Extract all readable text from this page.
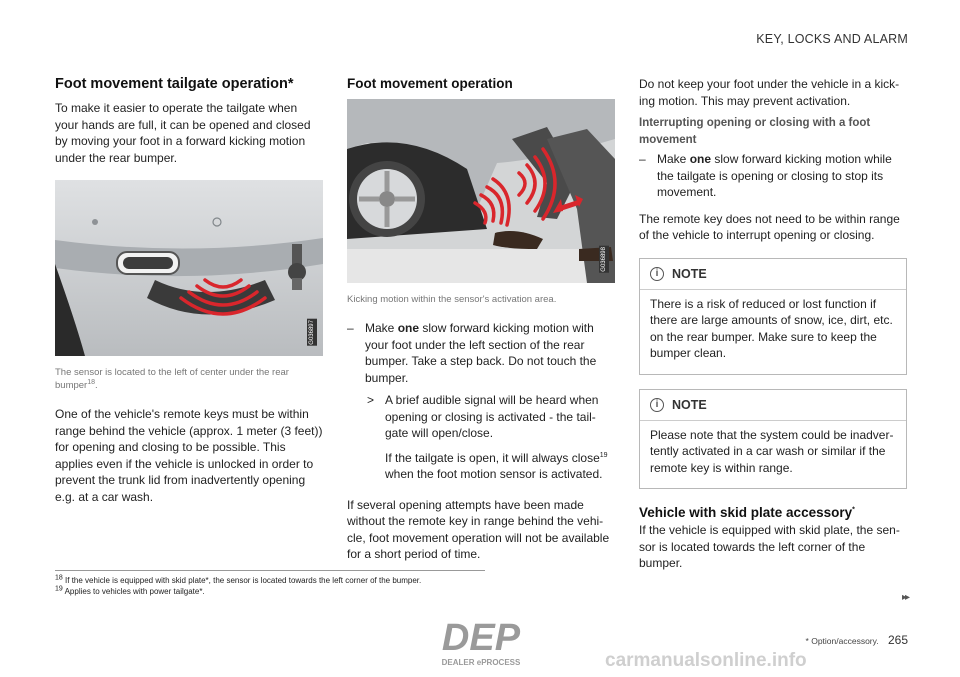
KEY, LOCKS AND ALARM
Foot movement tailgate operation*

To make it easier to operate the tailgate when your hands are full, it can be opened and closed by moving your foot in a forward kicking motion under the rear bumper.

G036897
The sensor is located to the left of center under the rear bumper$^{18}$.

One of the vehicle's remote keys must be within range behind the vehicle (approx. 1 meter (3 feet)) for opening and closing to be possible. This applies even if the vehicle is unlocked in order to prevent the trunk lid from inadvertently opening e.g. at a car wash.

Foot movement operation
G036898
Kicking motion within the sensor's activation area.
– Make one slow forward kicking motion with your foot under the left section of the rear bumper. Take a step back. Do not touch the bumper.
> A brief audible signal will be heard when opening or closing is activated - the tail-gate will open/close.
If the tailgate is open, it will always close$^{19}$ when the foot motion sensor is activated.

If several opening attempts have been made without the remote key in range behind the vehi-cle, foot movement operation will not be available for a short period of time.

Do not keep your foot under the vehicle in a kick-ing motion. This may prevent activation.

Interrupting opening or closing with a foot movement
– Make one slow forward kicking motion while the tailgate is opening or closing to stop its movement.

The remote key does not need to be within range of the vehicle to interrupt opening or closing.

i	NOTE

There is a risk of reduced or lost function if there are large amounts of snow, ice, dirt, etc. on the rear bumper. Make sure to keep the bumper clean.

i	NOTE

Please note that the system could be inadver-tently activated in a car wash or similar if the remote key is within range.

Vehicle with skid plate accessory*

If the vehicle is equipped with skid plate, the sen-sor is located towards the left corner of the bumper.

$^{18}$ If the vehicle is equipped with skid plate*, the sensor is located towards the left corner of the bumper.
$^{19}$ Applies to vehicles with power tailgate*.
▸▸
* Option/accessory. 265
DEP
DEALER ePROCESS	carmanualsonline.info
